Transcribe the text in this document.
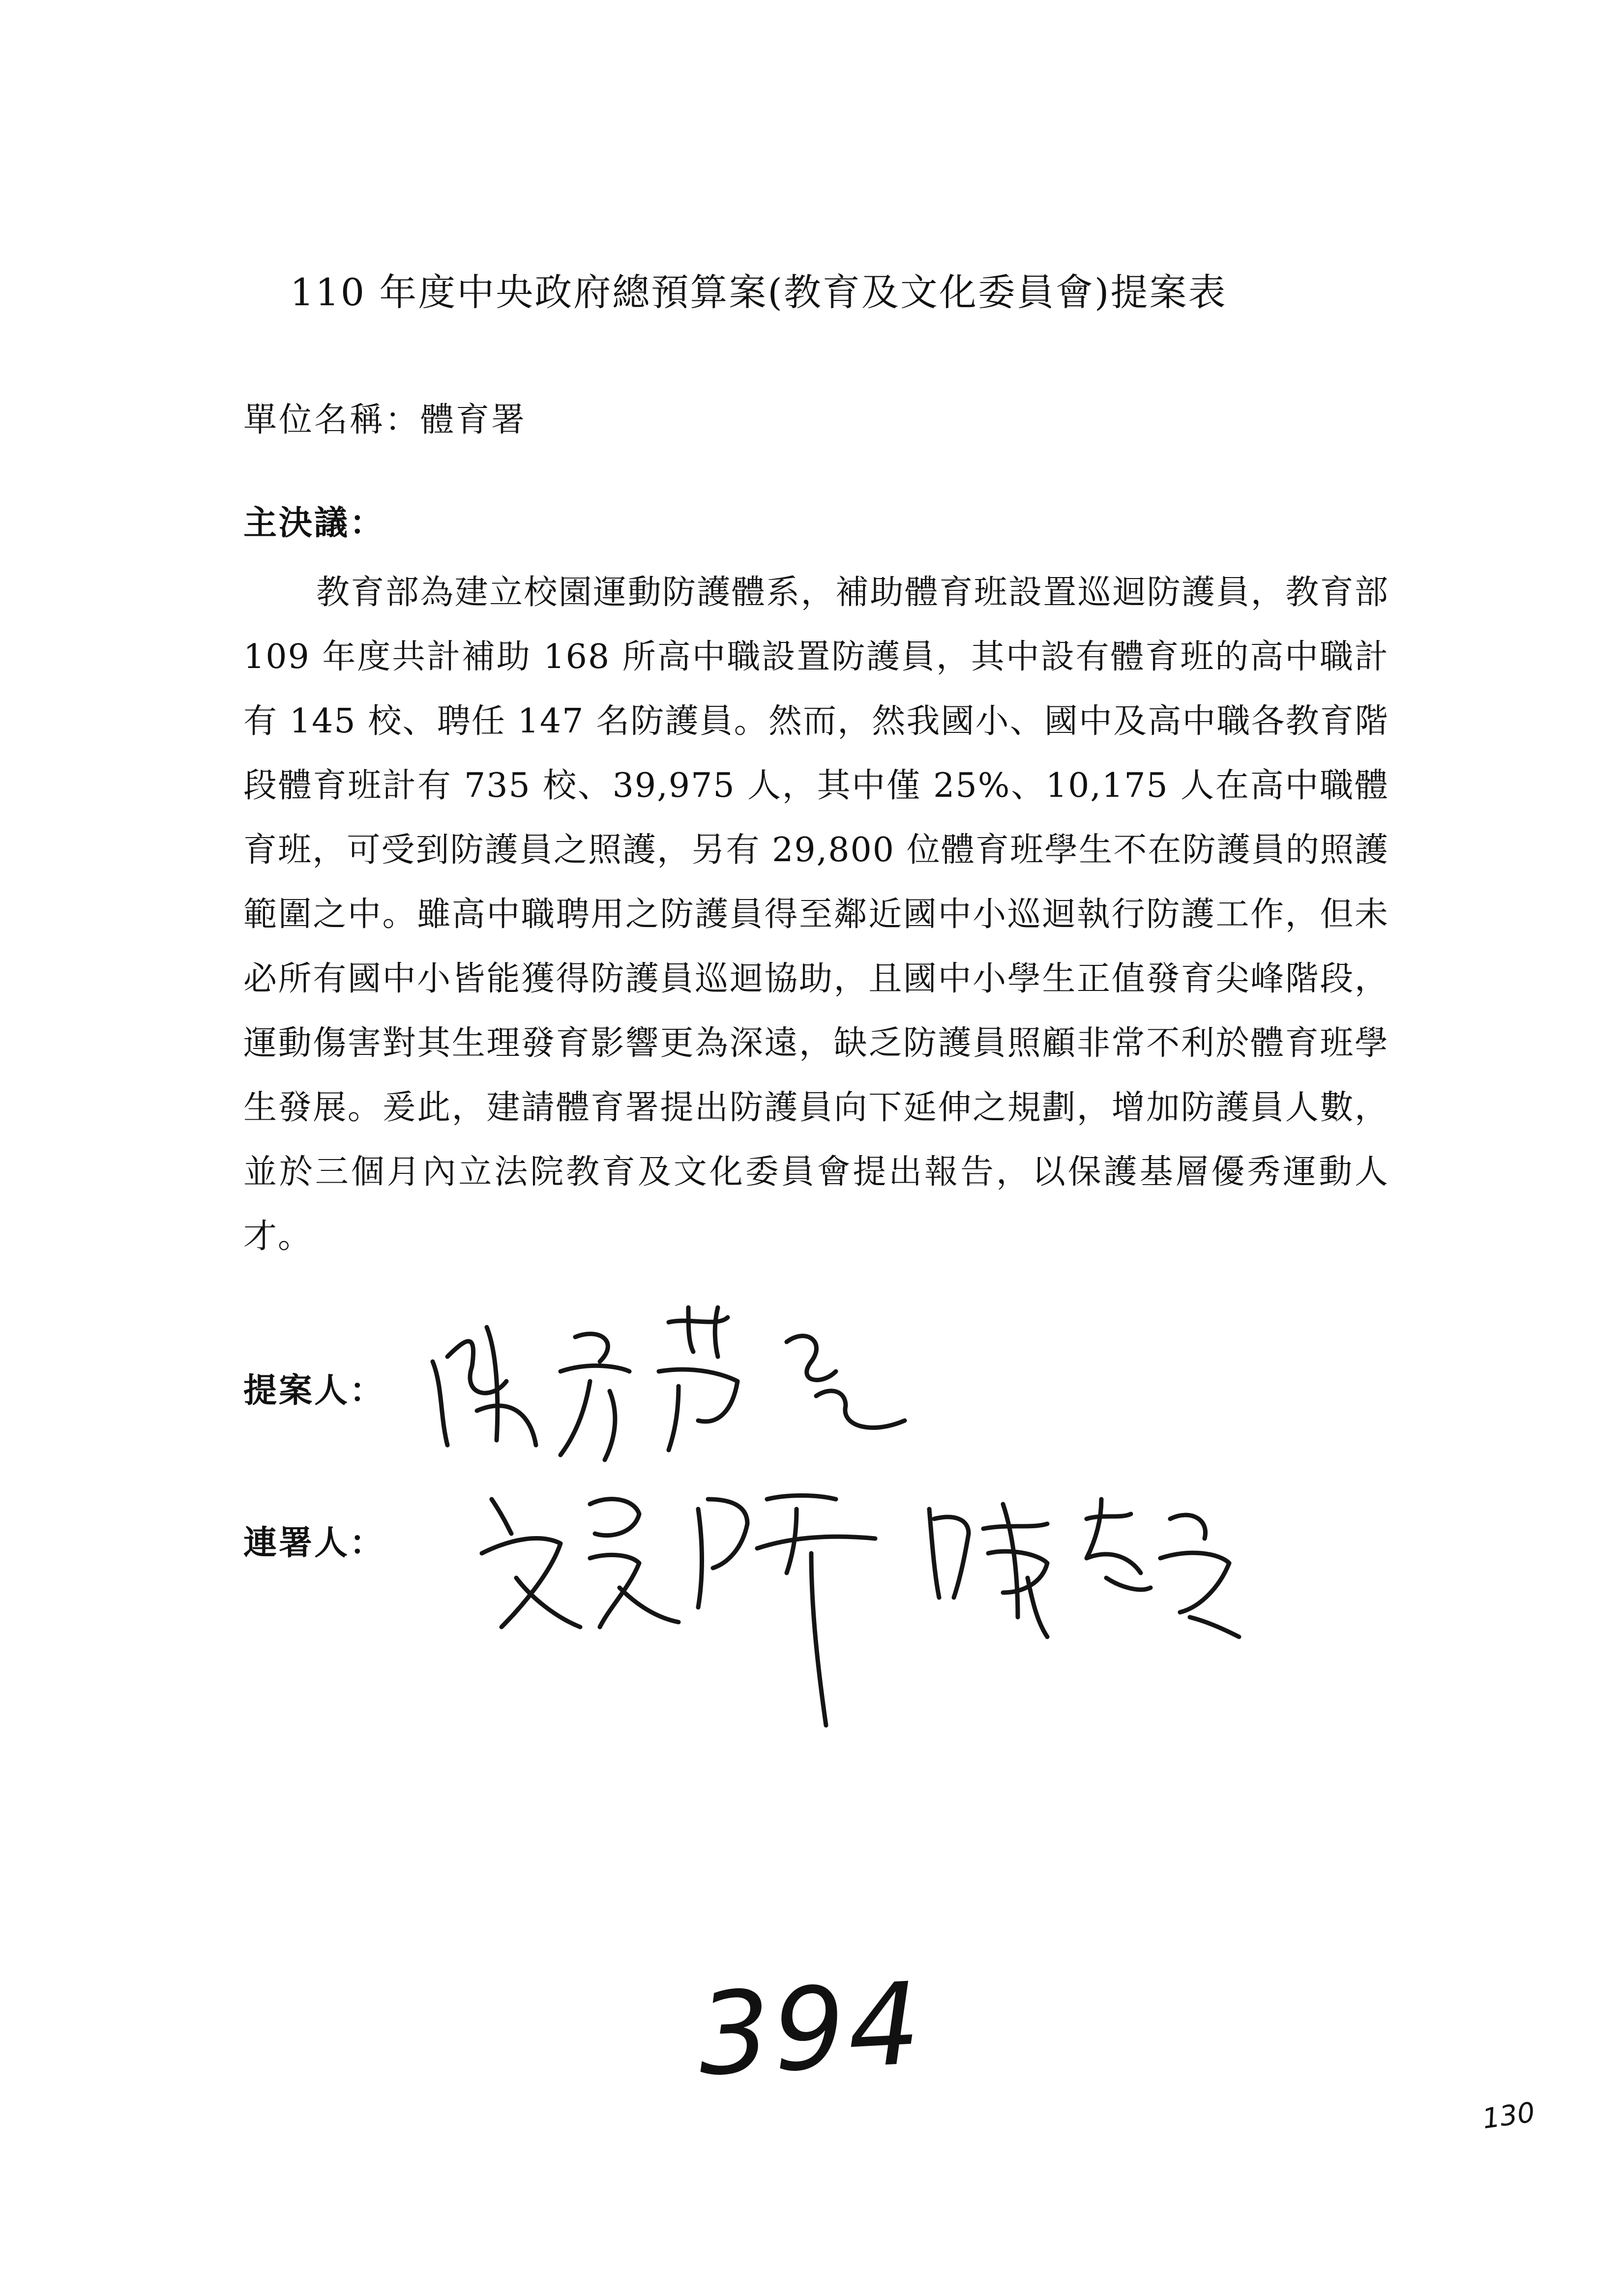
110 年度中央政府總預算案(教育及文化委員會)提案表
單位名稱：體育署
主決議：

教育部為建立校園運動防護體系，補助體育班設置巡迴防護員，教育部 109 年度共計補助 168 所高中職設置防護員，其中設有體育班的高中職計有 145 校、聘任 147 名防護員。然而，然我國小、國中及高中職各教育階段體育班計有 735 校、39,975 人，其中僅 25%、10,175 人在高中職體育班，可受到防護員之照護，另有 29,800 位體育班學生不在防護員的照護範圍之中。雖高中職聘用之防護員得至鄰近國中小巡迴執行防護工作，但未必所有國中小皆能獲得防護員巡迴協助，且國中小學生正值發育尖峰階段，運動傷害對其生理發育影響更為深遠，缺乏防護員照顧非常不利於體育班學生發展。爰此，建請體育署提出防護員向下延伸之規劃，增加防護員人數，並於三個月內立法院教育及文化委員會提出報告，以保護基層優秀運動人才。

提案人：
連署人：
394
130
